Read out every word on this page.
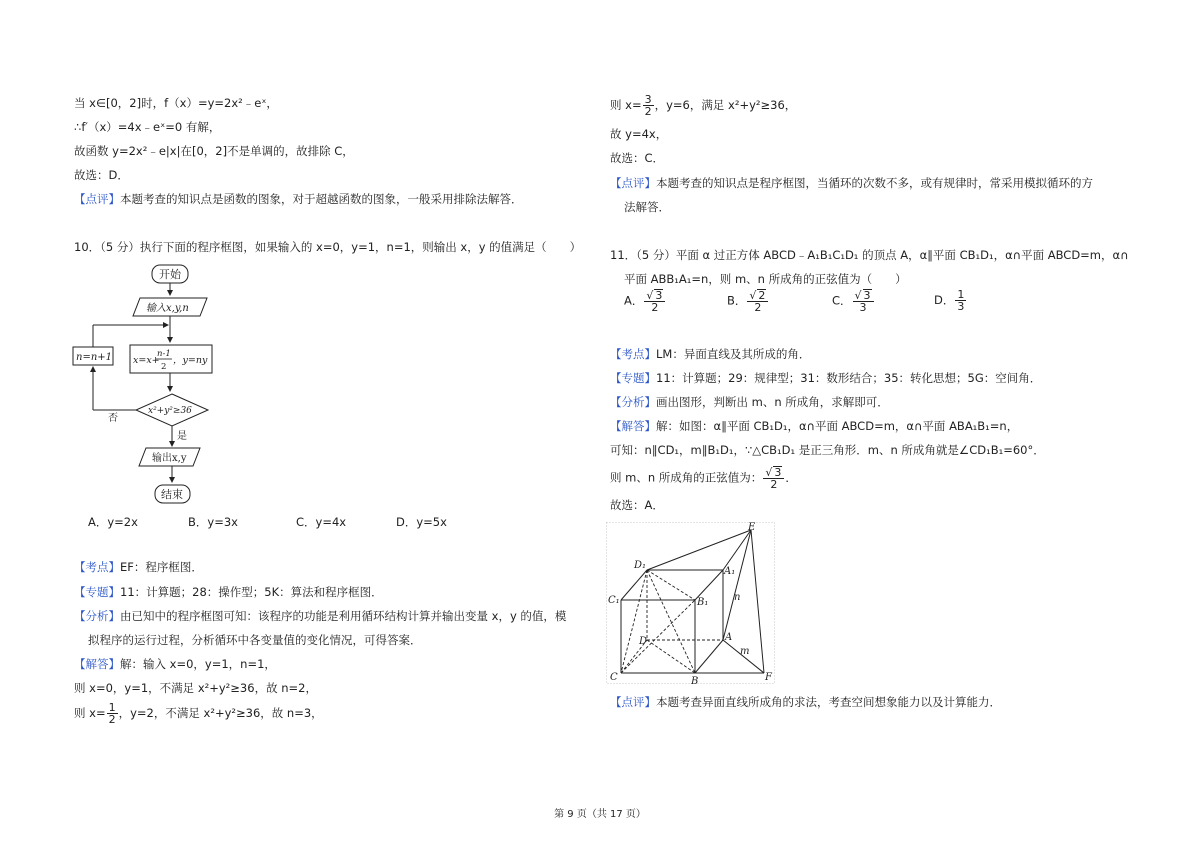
当 x∈[0，2]时，f（x）=y=2x²﹣eˣ，
∴f′（x）=4x﹣eˣ=0 有解，
故函数 y=2x²﹣e|x|在[0，2]不是单调的，故排除 C，
故选：D．
【点评】本题考查的知识点是函数的图象，对于超越函数的图象，一般采用排除法解答．
10．（5 分）执行下面的程序框图，如果输入的 x=0，y=1，n=1，则输出 x，y 的值满足（　　）
开始
输入x,y,n
x=x+
n-1
2
，y=ny
n=n+1
x²+y²≥36
否
是
输出x,y
结束
A．y=2x	B．y=3x	C．y=4x	D．y=5x
【考点】EF：程序框图．
【专题】11：计算题；28：操作型；5K：算法和程序框图．
【分析】由已知中的程序框图可知：该程序的功能是利用循环结构计算并输出变量 x，y 的值，模
拟程序的运行过程，分析循环中各变量值的变化情况，可得答案．
【解答】解：输入 x=0，y=1，n=1，
则 x=0，y=1，不满足 x²+y²≥36，故 n=2，
则 $x= \frac{1}{2}$ ，y=2，不满足 x²+y²≥36，故 n=3，
则 $x= \frac{3}{2}$ ，y=6，满足 x²+y²≥36，
故 y=4x，
故选：C．
【点评】本题考查的知识点是程序框图，当循环的次数不多，或有规律时，常采用模拟循环的方
法解答．
11．（5 分）平面 α 过正方体 ABCD﹣A₁B₁C₁D₁ 的顶点 A，α∥平面 CB₁D₁，α∩平面 ABCD=m，α∩
平面 ABB₁A₁=n，则 m、n 所成角的正弦值为（　　）
A． $\frac{√ 3}{2}$	B． $\frac{√ 2}{2}$	C． $\frac{√ 3}{3}$	D． $\frac{1}{3}$
【考点】LM：异面直线及其所成的角．
【专题】11：计算题；29：规律型；31：数形结合；35：转化思想；5G：空间角．
【分析】画出图形，判断出 m、n 所成角，求解即可．
【解答】解：如图：α∥平面 CB₁D₁，α∩平面 ABCD=m，α∩平面 ABA₁B₁=n，
可知：n∥CD₁，m∥B₁D₁，∵△CB₁D₁ 是正三角形．m、n 所成角就是∠CD₁B₁=60°．
则 m、n 所成角的正弦值为： $\frac{√ 3}{2}$ ．
故选：A．
E
D₁
A₁
C₁	B₁	n
D	A
m
C	B	F
【点评】本题考查异面直线所成角的求法，考查空间想象能力以及计算能力．
第 9 页（共 17 页）
